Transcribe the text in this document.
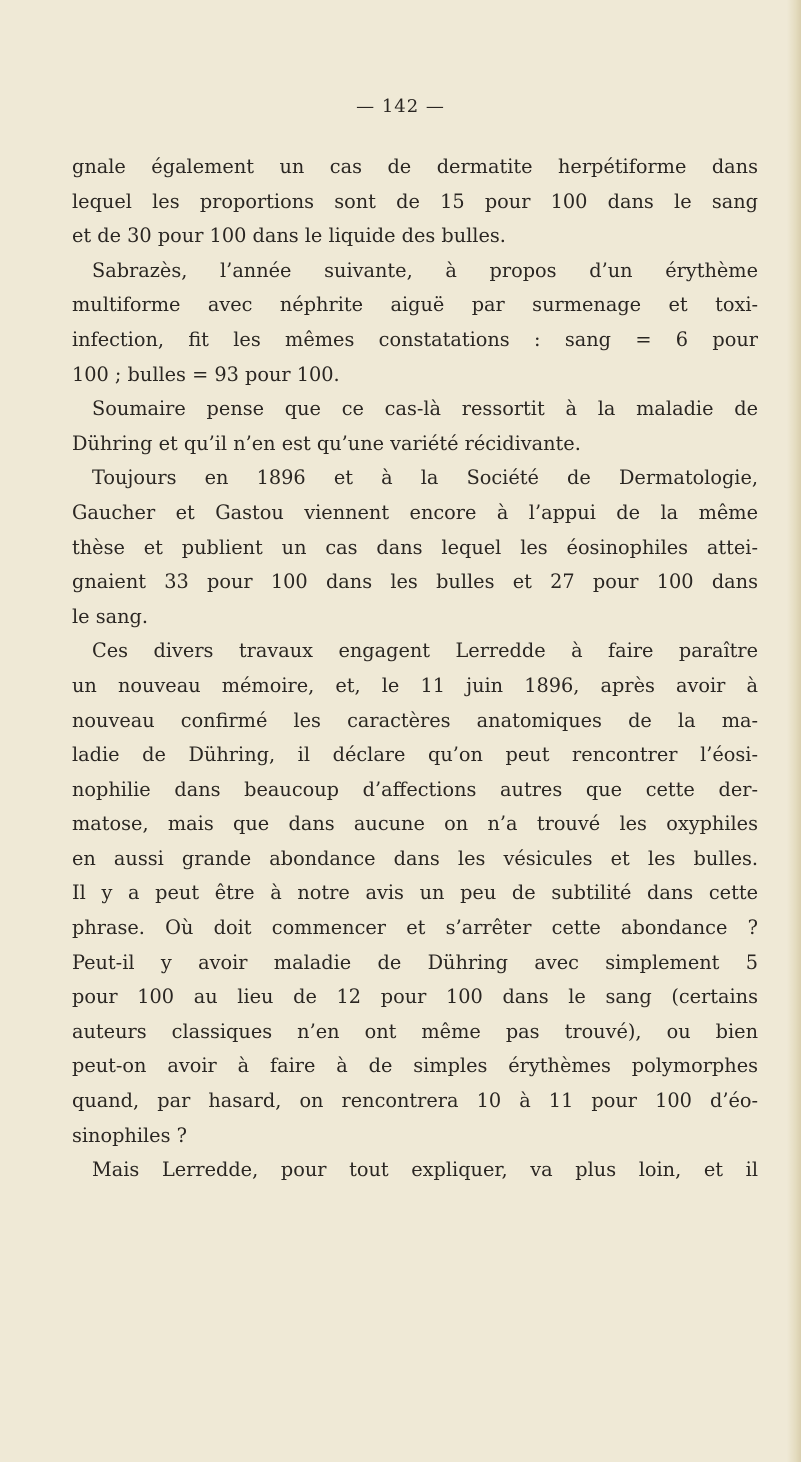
— 142 —
gnale également un cas de dermatite herpétiforme dans
lequel les proportions sont de 15 pour 100 dans le sang
et de 30 pour 100 dans le liquide des bulles.
Sabrazès, l’année suivante, à propos d’un érythème
multiforme avec néphrite aiguë par surmenage et toxi-
infection, fit les mêmes constatations : sang = 6 pour
100 ; bulles = 93 pour 100.
Soumaire pense que ce cas-là ressortit à la maladie de
Dühring et qu’il n’en est qu’une variété récidivante.
Toujours en 1896 et à la Société de Dermatologie,
Gaucher et Gastou viennent encore à l’appui de la même
thèse et publient un cas dans lequel les éosinophiles attei-
gnaient 33 pour 100 dans les bulles et 27 pour 100 dans
le sang.
Ces divers travaux engagent Lerredde à faire paraître
un nouveau mémoire, et, le 11 juin 1896, après avoir à
nouveau confirmé les caractères anatomiques de la ma-
ladie de Dühring, il déclare qu’on peut rencontrer l’éosi-
nophilie dans beaucoup d’affections autres que cette der-
matose, mais que dans aucune on n’a trouvé les oxyphiles
en aussi grande abondance dans les vésicules et les bulles.
Il y a peut être à notre avis un peu de subtilité dans cette
phrase. Où doit commencer et s’arrêter cette abondance ?
Peut-il y avoir maladie de Dühring avec simplement 5
pour 100 au lieu de 12 pour 100 dans le sang (certains
auteurs classiques n’en ont même pas trouvé), ou bien
peut-on avoir à faire à de simples érythèmes polymorphes
quand, par hasard, on rencontrera 10 à 11 pour 100 d’éo-
sinophiles ?
Mais Lerredde, pour tout expliquer, va plus loin, et il
